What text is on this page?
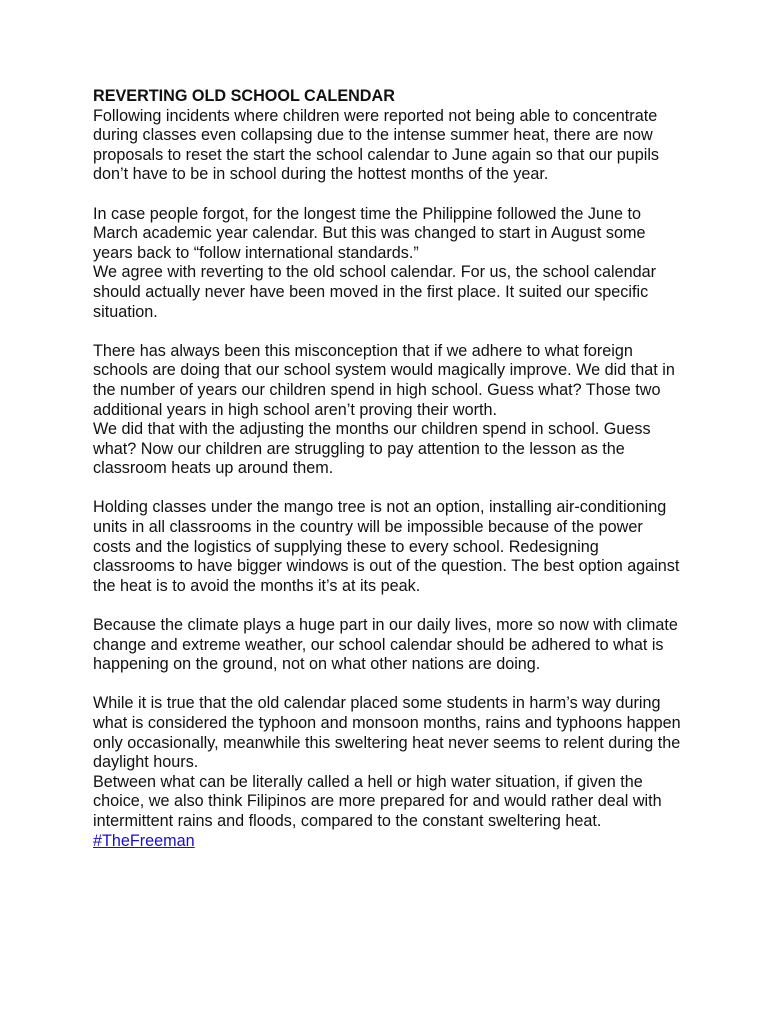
REVERTING OLD SCHOOL CALENDAR

Following incidents where children were reported not being able to concentrate during classes even collapsing due to the intense summer heat, there are now proposals to reset the start the school calendar to June again so that our pupils don’t have to be in school during the hottest months of the year.

In case people forgot, for the longest time the Philippine followed the June to March academic year calendar. But this was changed to start in August some years back to “follow international standards.”

We agree with reverting to the old school calendar. For us, the school calendar should actually never have been moved in the first place. It suited our specific situation.

There has always been this misconception that if we adhere to what foreign schools are doing that our school system would magically improve. We did that in the number of years our children spend in high school. Guess what? Those two additional years in high school aren’t proving their worth.

We did that with the adjusting the months our children spend in school. Guess what? Now our children are struggling to pay attention to the lesson as the classroom heats up around them.

Holding classes under the mango tree is not an option, installing air-conditioning units in all classrooms in the country will be impossible because of the power costs and the logistics of supplying these to every school. Redesigning classrooms to have bigger windows is out of the question. The best option against the heat is to avoid the months it’s at its peak.

Because the climate plays a huge part in our daily lives, more so now with climate change and extreme weather, our school calendar should be adhered to what is happening on the ground, not on what other nations are doing.

While it is true that the old calendar placed some students in harm’s way during what is considered the typhoon and monsoon months, rains and typhoons happen only occasionally, meanwhile this sweltering heat never seems to relent during the daylight hours.

Between what can be literally called a hell or high water situation, if given the choice, we also think Filipinos are more prepared for and would rather deal with intermittent rains and floods, compared to the constant sweltering heat. #TheFreeman
